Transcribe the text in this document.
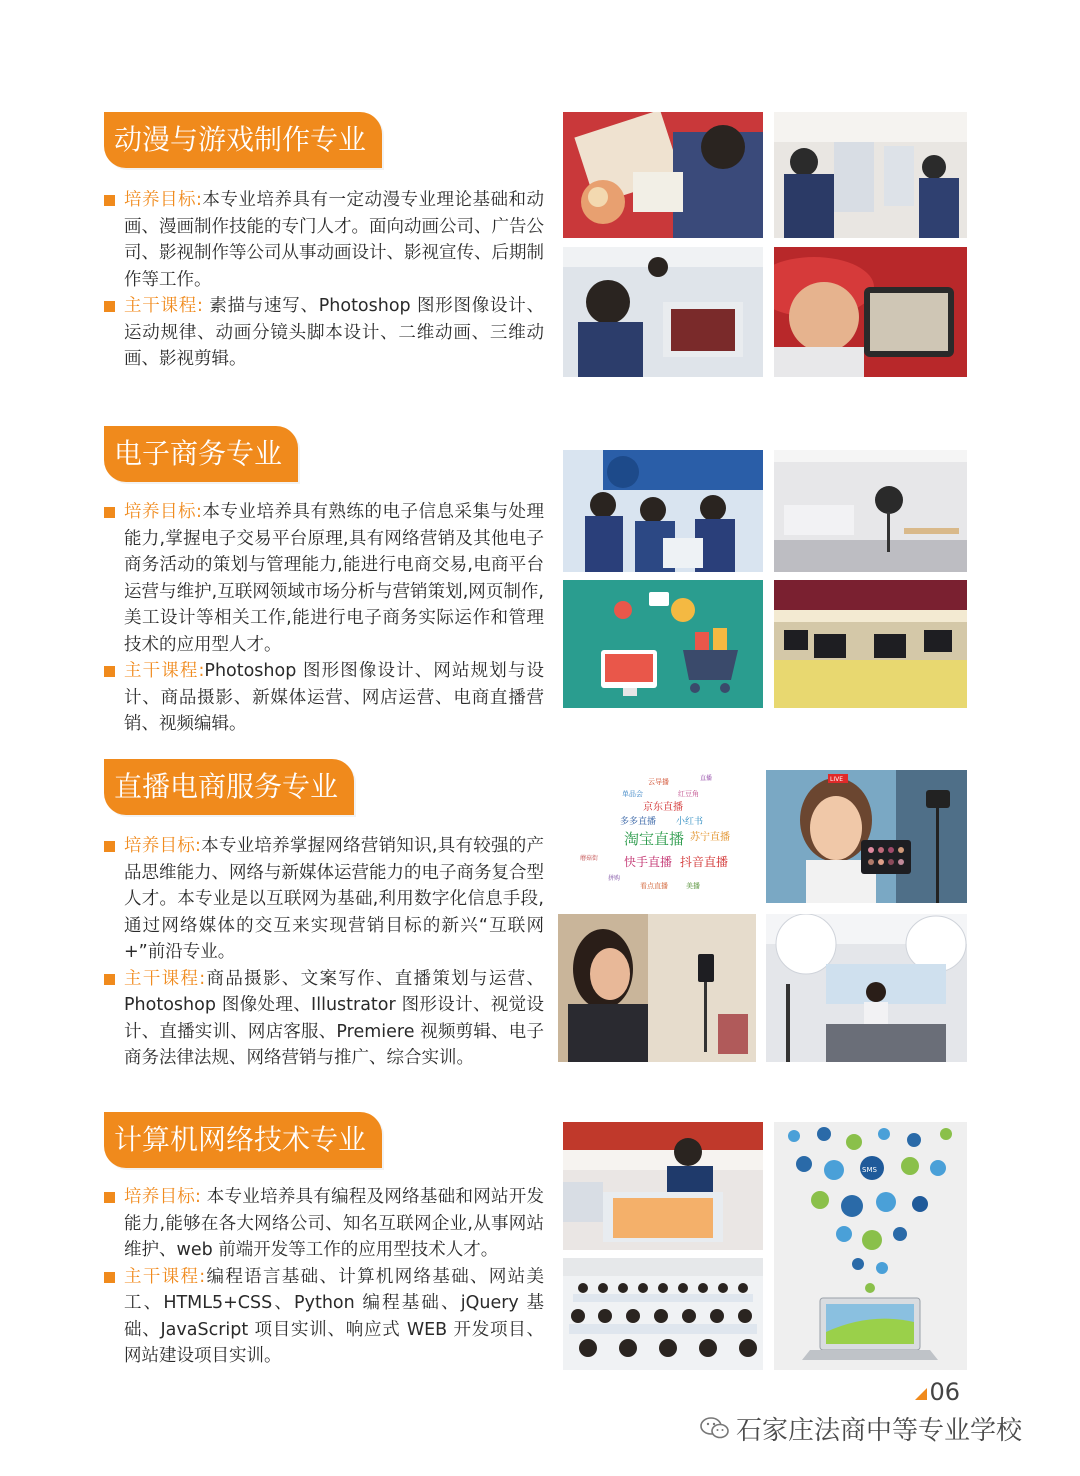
动漫与游戏制作专业

培养目标:本专业培养具有一定动漫专业理论基础和动画、漫画制作技能的专门人才。面向动画公司、广告公司、影视制作等公司从事动画设计、影视宣传、后期制作等工作。

主干课程: 素描与速写、Photoshop 图形图像设计、运动规律、动画分镜头脚本设计、二维动画、三维动画、影视剪辑。

电子商务专业

培养目标:本专业培养具有熟练的电子信息采集与处理能力,掌握电子交易平台原理,具有网络营销及其他电子商务活动的策划与管理能力,能进行电商交易,电商平台运营与维护,互联网领域市场分析与营销策划,网页制作,美工设计等相关工作,能进行电子商务实际运作和管理技术的应用型人才。

主干课程:Photoshop 图形图像设计、网站规划与设计、商品摄影、新媒体运营、网店运营、电商直播营销、视频编辑。

直播电商服务专业

培养目标:本专业培养掌握网络营销知识,具有较强的产品思维能力、网络与新媒体运营能力的电子商务复合型人才。本专业是以互联网为基础,利用数字化信息手段,通过网络媒体的交互来实现营销目标的新兴“互联网 +”前沿专业。

主干课程:商品摄影、文案写作、直播策划与运营、Photoshop 图像处理、Illustrator 图形设计、视觉设计、直播实训、网店客服、Premiere 视频剪辑、电子商务法律法规、网络营销与推广、综合实训。

云导播	直播
单品会	红豆角
京东直播
小红书
多多直播
淘宝直播 苏宁直播
快手直播 抖音直播
美播
看点直播
拼购
蘑菇街
LIVE
计算机网络技术专业

培养目标: 本专业培养具有编程及网络基础和网站开发能力,能够在各大网络公司、知名互联网企业,从事网站维护、web 前端开发等工作的应用型技术人才。

主干课程:编程语言基础、计算机网络基础、网站美工、HTML5+CSS、Python 编程基础、jQuery 基础、JavaScript 项目实训、响应式 WEB 开发项目、网站建设项目实训。

SMS
06
石家庄法商中等专业学校
